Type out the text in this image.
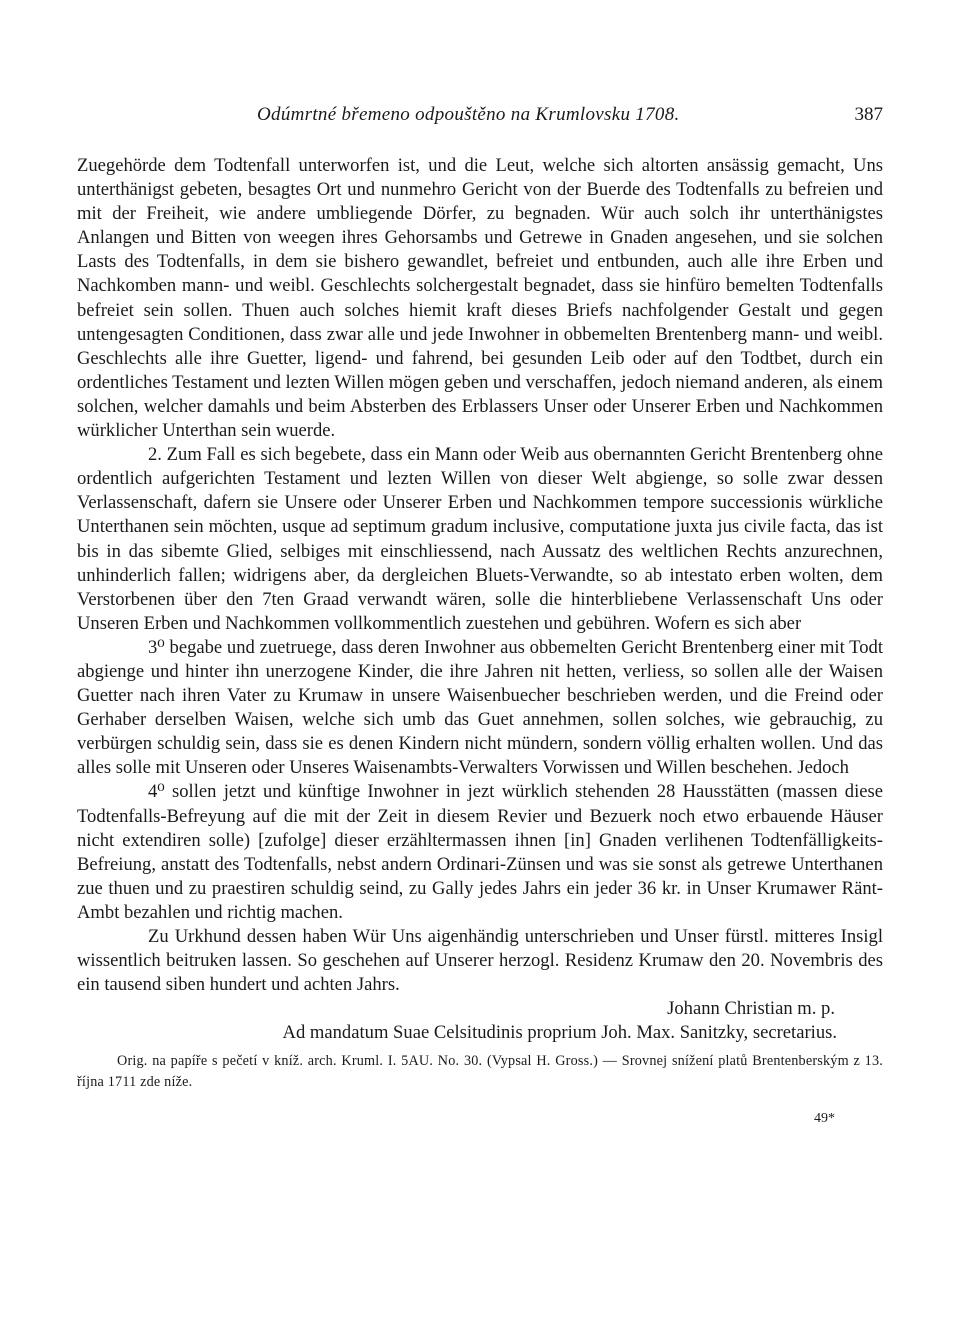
Odúmrtné břemeno odpouštěno na Krumlovsku 1708.	387

Zuegehörde dem Todtenfall unterworfen ist, und die Leut, welche sich altorten ansässig gemacht, Uns unterthänigst gebeten, besagtes Ort und nunmehro Gericht von der Buerde des Todtenfalls zu befreien und mit der Freiheit, wie andere umbliegende Dörfer, zu begnaden. Wür auch solch ihr unterthänigstes Anlangen und Bitten von weegen ihres Gehorsambs und Getrewe in Gnaden angesehen, und sie solchen Lasts des Todtenfalls, in dem sie bishero gewandlet, befreiet und entbunden, auch alle ihre Erben und Nachkomben mann- und weibl. Geschlechts solchergestalt begnadet, dass sie hinfüro bemelten Todtenfalls befreiet sein sollen. Thuen auch solches hiemit kraft dieses Briefs nachfolgender Gestalt und gegen untengesagten Conditionen, dass zwar alle und jede Inwohner in obbemelten Brentenberg mann- und weibl. Geschlechts alle ihre Guetter, ligend- und fahrend, bei gesunden Leib oder auf den Todtbet, durch ein ordentliches Testament und lezten Willen mögen geben und verschaffen, jedoch niemand anderen, als einem solchen, welcher damahls und beim Absterben des Erblassers Unser oder Unserer Erben und Nachkommen würklicher Unterthan sein wuerde.

2. Zum Fall es sich begebete, dass ein Mann oder Weib aus obernannten Gericht Brentenberg ohne ordentlich aufgerichten Testament und lezten Willen von dieser Welt abgienge, so solle zwar dessen Verlassenschaft, dafern sie Unsere oder Unserer Erben und Nachkommen tempore successionis würkliche Unterthanen sein möchten, usque ad septimum gradum inclusive, computatione juxta jus civile facta, das ist bis in das sibemte Glied, selbiges mit einschliessend, nach Aussatz des weltlichen Rechts anzurechnen, unhinderlich fallen; widrigens aber, da dergleichen Bluets-Verwandte, so ab intestato erben wolten, dem Verstorbenen über den 7ten Graad verwandt wären, solle die hinterbliebene Verlassenschaft Uns oder Unseren Erben und Nachkommen vollkommentlich zuestehen und gebühren. Wofern es sich aber

3⁰ begabe und zuetruege, dass deren Inwohner aus obbemelten Gericht Brentenberg einer mit Todt abgienge und hinter ihn unerzogene Kinder, die ihre Jahren nit hetten, verliess, so sollen alle der Waisen Guetter nach ihren Vater zu Krumaw in unsere Waisenbuecher beschrieben werden, und die Freind oder Gerhaber derselben Waisen, welche sich umb das Guet annehmen, sollen solches, wie gebrauchig, zu verbürgen schuldig sein, dass sie es denen Kindern nicht mündern, sondern völlig erhalten wollen. Und das alles solle mit Unseren oder Unseres Waisenambts-Verwalters Vorwissen und Willen beschehen. Jedoch

4⁰ sollen jetzt und künftige Inwohner in jezt würklich stehenden 28 Hausstätten (massen diese Todtenfalls-Befreyung auf die mit der Zeit in diesem Revier und Bezuerk noch etwo erbauende Häuser nicht extendiren solle) [zufolge] dieser erzähltermassen ihnen [in] Gnaden verlihenen Todtenfälligkeits-Befreiung, anstatt des Todtenfalls, nebst andern Ordinari-Zünsen und was sie sonst als getrewe Unterthanen zue thuen und zu praestiren schuldig seind, zu Gally jedes Jahrs ein jeder 36 kr. in Unser Krumawer Ränt-Ambt bezahlen und richtig machen.

Zu Urkhund dessen haben Wür Uns aigenhändig unterschrieben und Unser fürstl. mitteres Insigl wissentlich beitruken lassen. So geschehen auf Unserer herzogl. Residenz Krumaw den 20. Novembris des ein tausend siben hundert und achten Jahrs.

Johann Christian m. p.

Ad mandatum Suae Celsitudinis proprium Joh. Max. Sanitzky, secretarius.

Orig. na papíře s pečetí v kníž. arch. Kruml. I. 5AU. No. 30. (Vypsal H. Gross.) — Srovnej snížení platů Brentenberským z 13. října 1711 zde níže.
49*
